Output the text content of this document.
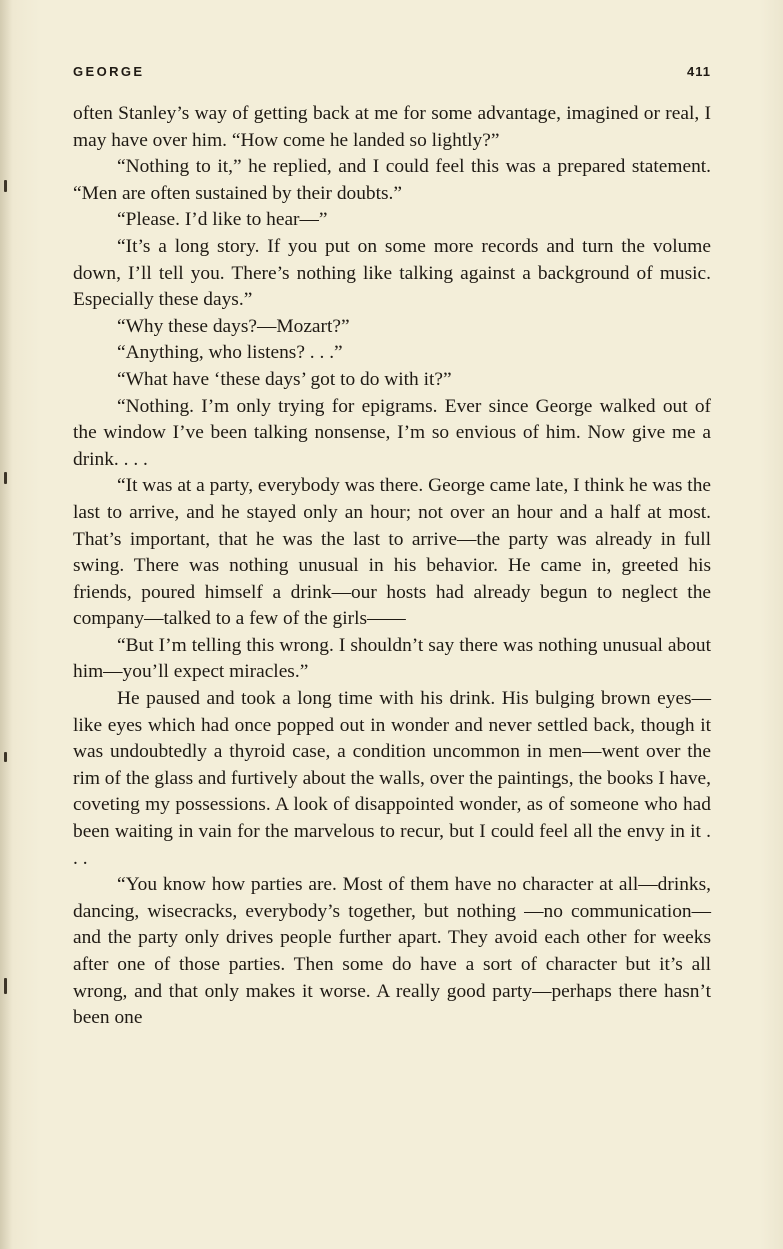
GEORGE	411

often Stanley’s way of getting back at me for some advantage, imagined or real, I may have over him. “How come he landed so lightly?”

“Nothing to it,” he replied, and I could feel this was a prepared statement. “Men are often sustained by their doubts.”

“Please. I’d like to hear—”

“It’s a long story. If you put on some more records and turn the volume down, I’ll tell you. There’s nothing like talking against a background of music. Especially these days.”

“Why these days?—Mozart?”

“Anything, who listens? . . .”

“What have ‘these days’ got to do with it?”

“Nothing. I’m only trying for epigrams. Ever since George walked out of the window I’ve been talking nonsense, I’m so envious of him. Now give me a drink. . . .

“It was at a party, everybody was there. George came late, I think he was the last to arrive, and he stayed only an hour; not over an hour and a half at most. That’s important, that he was the last to arrive—the party was already in full swing. There was nothing unusual in his behavior. He came in, greeted his friends, poured himself a drink—our hosts had already begun to neglect the company—talked to a few of the girls——

“But I’m telling this wrong. I shouldn’t say there was nothing unusual about him—you’ll expect miracles.”

He paused and took a long time with his drink. His bulging brown eyes—like eyes which had once popped out in wonder and never settled back, though it was undoubtedly a thyroid case, a condition uncommon in men—went over the rim of the glass and furtively about the walls, over the paintings, the books I have, coveting my possessions. A look of disappointed wonder, as of someone who had been waiting in vain for the marvelous to recur, but I could feel all the envy in it . . .

“You know how parties are. Most of them have no character at all—drinks, dancing, wisecracks, everybody’s together, but nothing —no communication—and the party only drives people further apart. They avoid each other for weeks after one of those parties. Then some do have a sort of character but it’s all wrong, and that only makes it worse. A really good party—perhaps there hasn’t been one
